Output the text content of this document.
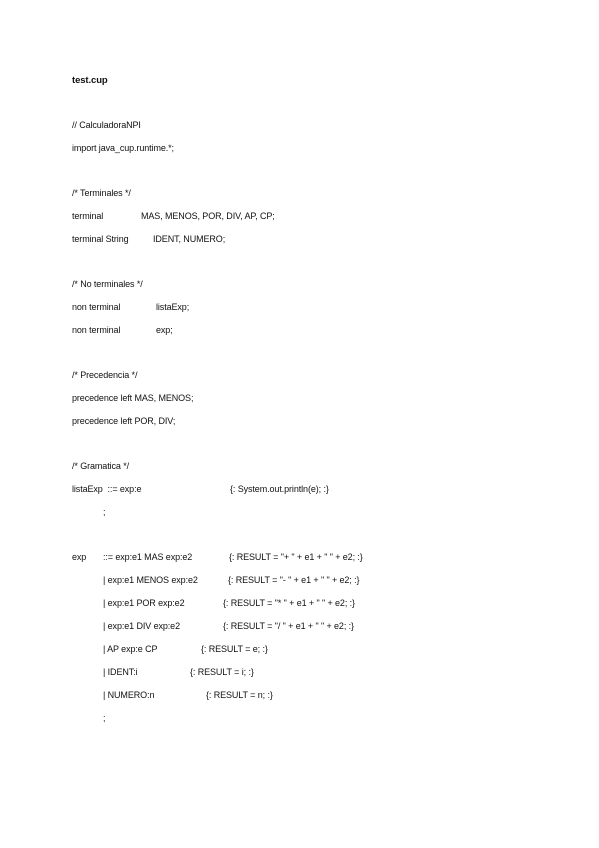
test.cup
// CalculadoraNPI
import java_cup.runtime.*;
/* Terminales */
terminal	MAS, MENOS, POR, DIV, AP, CP;
terminal String	IDENT, NUMERO;
/* No terminales */
non terminal	listaExp;
non terminal	exp;
/* Precedencia */
precedence left MAS, MENOS;
precedence left POR, DIV;
/* Gramatica */
listaExp  ::= exp:e	{: System.out.println(e); :}
;
exp ::= exp:e1 MAS exp:e2	{: RESULT = "+ " + e1 + " " + e2; :}
| exp:e1 MENOS exp:e2	{: RESULT = "- " + e1 + " " + e2; :}
| exp:e1 POR exp:e2	{: RESULT = "* " + e1 + " " + e2; :}
| exp:e1 DIV exp:e2	{: RESULT = "/ " + e1 + " " + e2; :}
| AP exp:e CP	{: RESULT = e; :}
| IDENT:i	{: RESULT = i; :}
| NUMERO:n	{: RESULT = n; :}
;
